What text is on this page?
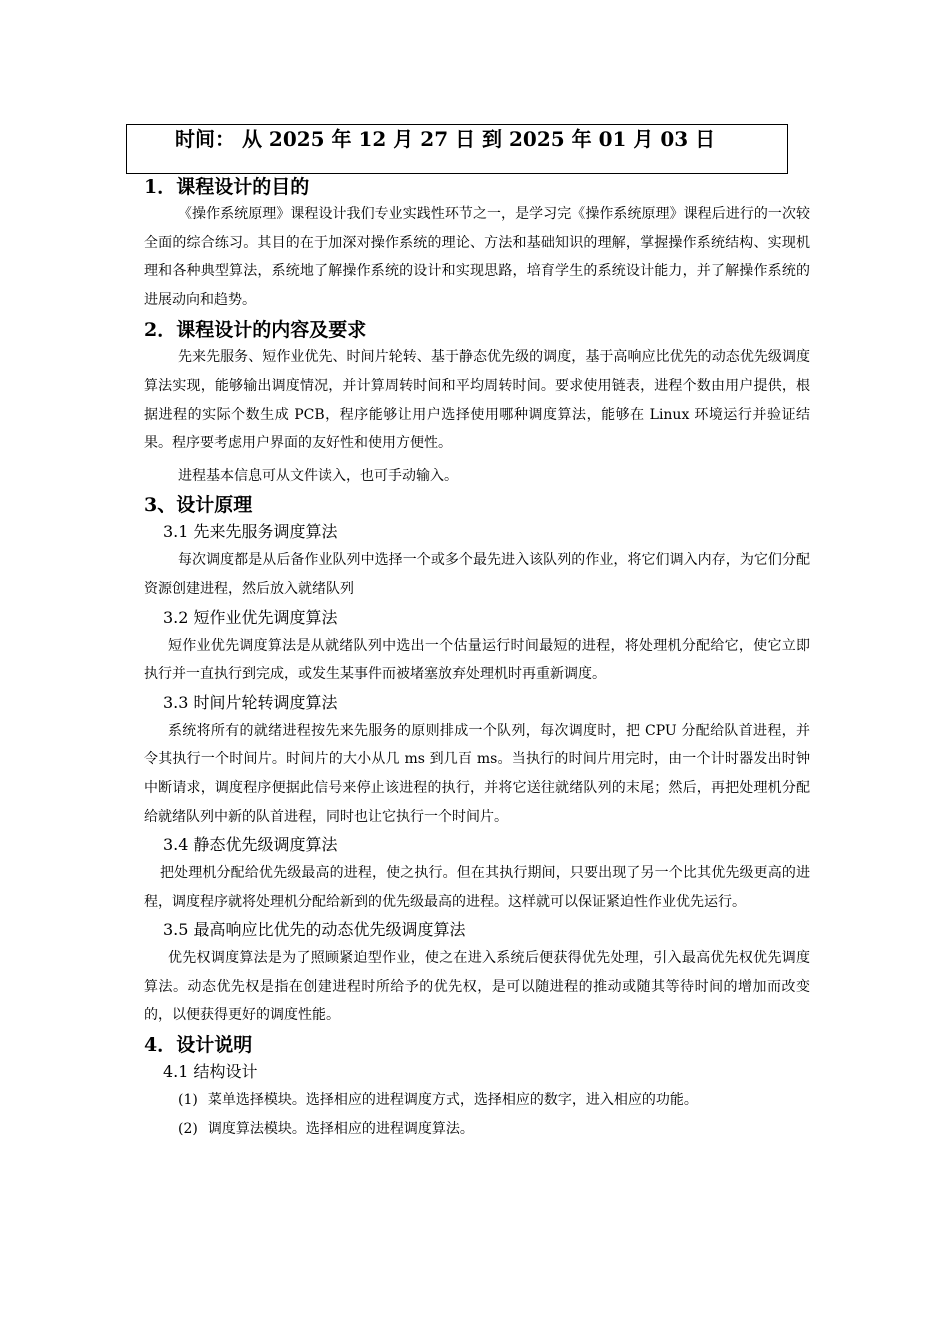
时间： 从 2025 年 12 月 27 日 到 2025 年 01 月 03 日
1．课程设计的目的

《操作系统原理》课程设计我们专业实践性环节之一，是学习完《操作系统原理》课程后进行的一次较全面的综合练习。其目的在于加深对操作系统的理论、方法和基础知识的理解，掌握操作系统结构、实现机理和各种典型算法，系统地了解操作系统的设计和实现思路，培育学生的系统设计能力，并了解操作系统的进展动向和趋势。

2．课程设计的内容及要求

先来先服务、短作业优先、时间片轮转、基于静态优先级的调度，基于高响应比优先的动态优先级调度算法实现，能够输出调度情况，并计算周转时间和平均周转时间。要求使用链表，进程个数由用户提供，根据进程的实际个数生成 PCB，程序能够让用户选择使用哪种调度算法，能够在 Linux 环境运行并验证结果。程序要考虑用户界面的友好性和使用方便性。

进程基本信息可从文件读入，也可手动输入。

3、设计原理
3.1 先来先服务调度算法

每次调度都是从后备作业队列中选择一个或多个最先进入该队列的作业，将它们调入内存，为它们分配资源创建进程，然后放入就绪队列

3.2 短作业优先调度算法

短作业优先调度算法是从就绪队列中选出一个估量运行时间最短的进程，将处理机分配给它，使它立即执行并一直执行到完成，或发生某事件而被堵塞放弃处理机时再重新调度。

3.3 时间片轮转调度算法

系统将所有的就绪进程按先来先服务的原则排成一个队列，每次调度时，把 CPU 分配给队首进程，并令其执行一个时间片。时间片的大小从几 ms 到几百 ms。当执行的时间片用完时，由一个计时器发出时钟中断请求，调度程序便据此信号来停止该进程的执行，并将它送往就绪队列的末尾；然后，再把处理机分配给就绪队列中新的队首进程，同时也让它执行一个时间片。

3.4 静态优先级调度算法

把处理机分配给优先级最高的进程，使之执行。但在其执行期间，只要出现了另一个比其优先级更高的进程，调度程序就将处理机分配给新到的优先级最高的进程。这样就可以保证紧迫性作业优先运行。

3.5 最高响应比优先的动态优先级调度算法

优先权调度算法是为了照顾紧迫型作业，使之在进入系统后便获得优先处理，引入最高优先权优先调度算法。动态优先权是指在创建进程时所给予的优先权，是可以随进程的推动或随其等待时间的增加而改变的，以便获得更好的调度性能。

4．设计说明
4.1 结构设计
(1) 菜单选择模块。选择相应的进程调度方式，选择相应的数字，进入相应的功能。
(2) 调度算法模块。选择相应的进程调度算法。
